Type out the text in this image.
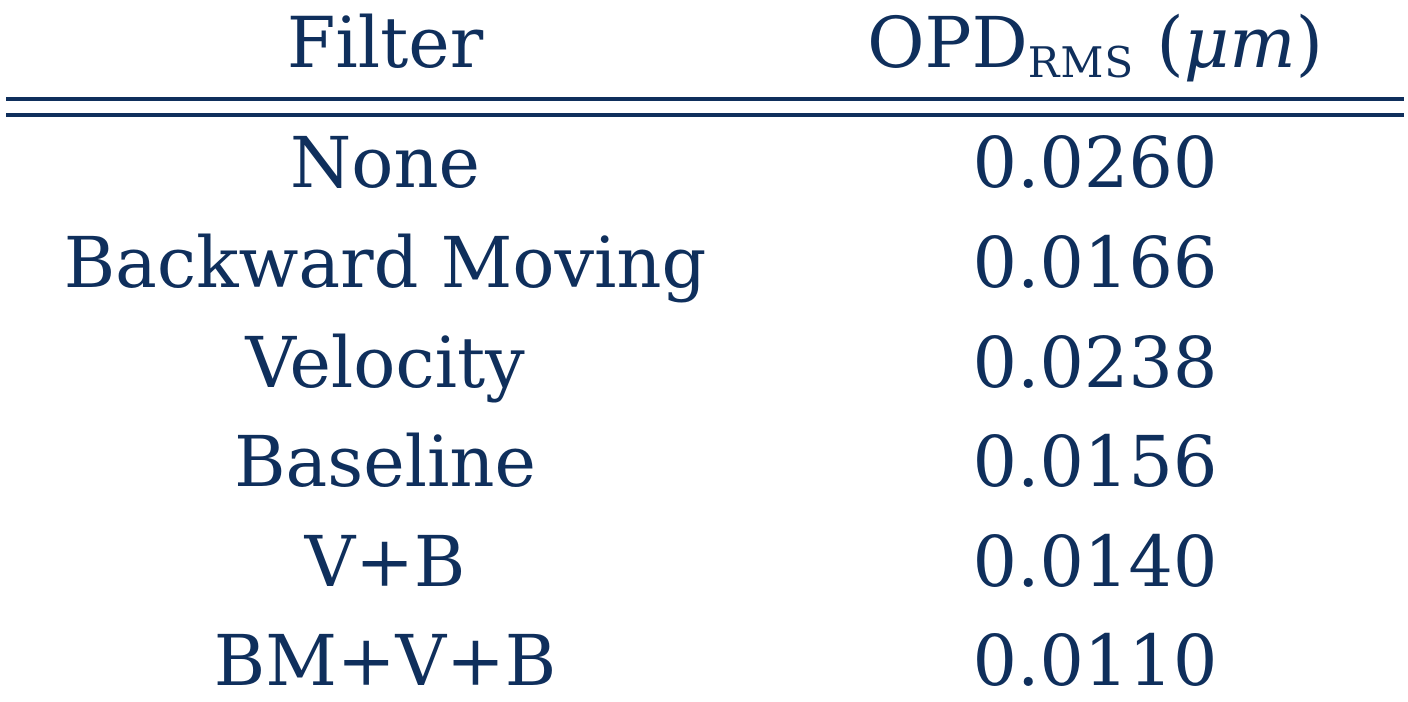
Filter	$OPD_{RMS}$ (μm)
None	0.0260
Backward Moving	0.0166
Velocity	0.0238
Baseline	0.0156
V+B	0.0140
BM+V+B	0.0110
